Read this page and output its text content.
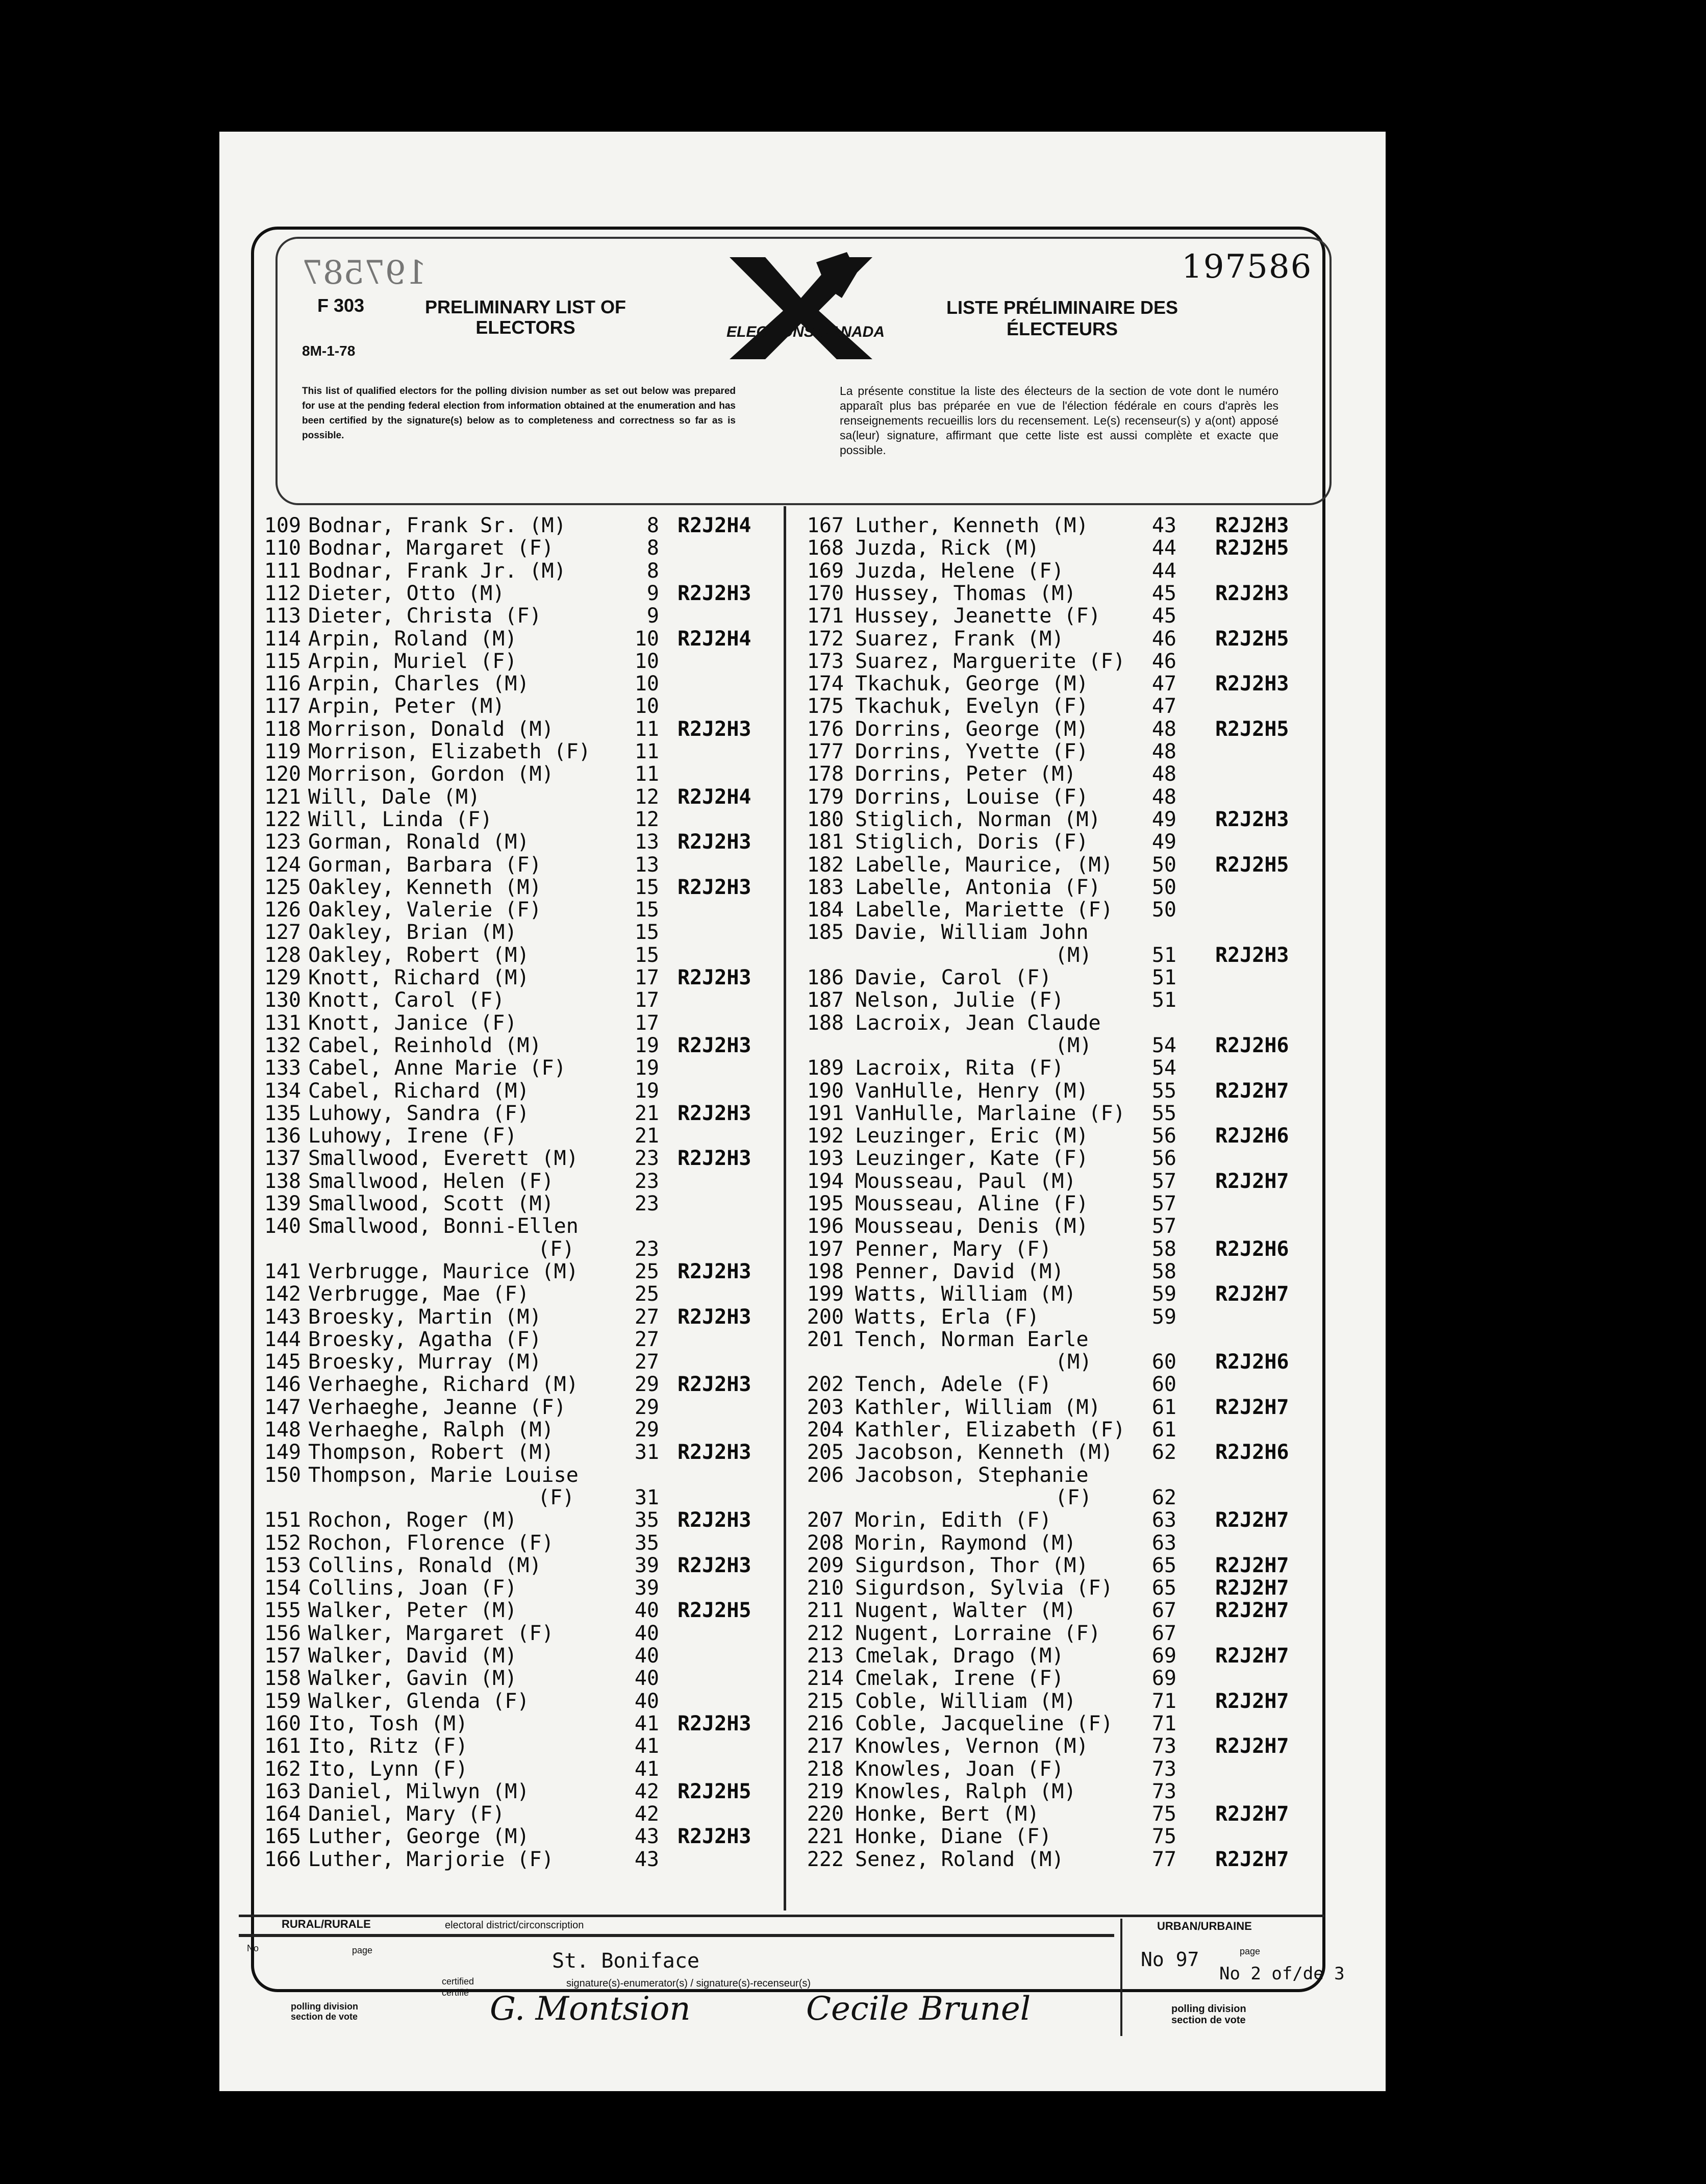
197587	197586
F 303
8M-1-78
PRELIMINARY LIST OF ELECTORS
LISTE PRÉLIMINAIRE DES ÉLECTEURS
ELECTIONS CANADA
This list of qualified electors for the polling division number as set out below was prepared for use at the pending federal election from information obtained at the enumeration and has been certified by the signature(s) below as to completeness and correctness so far as is possible.
La présente constitue la liste des électeurs de la section de vote dont le numéro apparaît plus bas préparée en vue de l'élection fédérale en cours d'après les renseignements recueillis lors du recensement. Le(s) recenseur(s) y a(ont) apposé sa(leur) signature, affirmant que cette liste est aussi complète et exacte que possible.
109 Bodnar, Frank Sr. (M)	8 R2J2H4
110 Bodnar, Margaret (F)	8
111 Bodnar, Frank Jr. (M)	8
112 Dieter, Otto (M)	9 R2J2H3
113 Dieter, Christa (F)	9
114 Arpin, Roland (M)	10 R2J2H4
115 Arpin, Muriel (F)	10
116 Arpin, Charles (M)	10
117 Arpin, Peter (M)	10
118 Morrison, Donald (M)	11 R2J2H3
119 Morrison, Elizabeth (F)	11
120 Morrison, Gordon (M)	11
121 Will, Dale (M)	12 R2J2H4
122 Will, Linda (F)	12
123 Gorman, Ronald (M)	13 R2J2H3
124 Gorman, Barbara (F)	13
125 Oakley, Kenneth (M)	15 R2J2H3
126 Oakley, Valerie (F)	15
127 Oakley, Brian (M)	15
128 Oakley, Robert (M)	15
129 Knott, Richard (M)	17 R2J2H3
130 Knott, Carol (F)	17
131 Knott, Janice (F)	17
132 Cabel, Reinhold (M)	19 R2J2H3
133 Cabel, Anne Marie (F)	19
134 Cabel, Richard (M)	19
135 Luhowy, Sandra (F)	21 R2J2H3
136 Luhowy, Irene (F)	21
137 Smallwood, Everett (M)	23 R2J2H3
138 Smallwood, Helen (F)	23
139 Smallwood, Scott (M)	23
140 Smallwood, Bonni-Ellen
(F)	23
141 Verbrugge, Maurice (M)	25 R2J2H3
142 Verbrugge, Mae (F)	25
143 Broesky, Martin (M)	27 R2J2H3
144 Broesky, Agatha (F)	27
145 Broesky, Murray (M)	27
146 Verhaeghe, Richard (M)	29 R2J2H3
147 Verhaeghe, Jeanne (F)	29
148 Verhaeghe, Ralph (M)	29
149 Thompson, Robert (M)	31 R2J2H3
150 Thompson, Marie Louise
(F)	31
151 Rochon, Roger (M)	35 R2J2H3
152 Rochon, Florence (F)	35
153 Collins, Ronald (M)	39 R2J2H3
154 Collins, Joan (F)	39
155 Walker, Peter (M)	40 R2J2H5
156 Walker, Margaret (F)	40
157 Walker, David (M)	40
158 Walker, Gavin (M)	40
159 Walker, Glenda (F)	40
160 Ito, Tosh (M)	41 R2J2H3
161 Ito, Ritz (F)	41
162 Ito, Lynn (F)	41
163 Daniel, Milwyn (M)	42 R2J2H5
164 Daniel, Mary (F)	42
165 Luther, George (M)	43 R2J2H3
166 Luther, Marjorie (F)	43
167 Luther, Kenneth (M)	43 R2J2H3
168 Juzda, Rick (M)	44 R2J2H5
169 Juzda, Helene (F)	44
170 Hussey, Thomas (M)	45 R2J2H3
171 Hussey, Jeanette (F)	45
172 Suarez, Frank (M)	46 R2J2H5
173 Suarez, Marguerite (F)	46
174 Tkachuk, George (M)	47 R2J2H3
175 Tkachuk, Evelyn (F)	47
176 Dorrins, George (M)	48 R2J2H5
177 Dorrins, Yvette (F)	48
178 Dorrins, Peter (M)	48
179 Dorrins, Louise (F)	48
180 Stiglich, Norman (M)	49 R2J2H3
181 Stiglich, Doris (F)	49
182 Labelle, Maurice, (M)	50 R2J2H5
183 Labelle, Antonia (F)	50
184 Labelle, Mariette (F)	50
185 Davie, William John
(M)	51 R2J2H3
186 Davie, Carol (F)	51
187 Nelson, Julie (F)	51
188 Lacroix, Jean Claude
(M)	54 R2J2H6
189 Lacroix, Rita (F)	54
190 VanHulle, Henry (M)	55 R2J2H7
191 VanHulle, Marlaine (F)	55
192 Leuzinger, Eric (M)	56 R2J2H6
193 Leuzinger, Kate (F)	56
194 Mousseau, Paul (M)	57 R2J2H7
195 Mousseau, Aline (F)	57
196 Mousseau, Denis (M)	57
197 Penner, Mary (F)	58 R2J2H6
198 Penner, David (M)	58
199 Watts, William (M)	59 R2J2H7
200 Watts, Erla (F)	59
201 Tench, Norman Earle
(M)	60 R2J2H6
202 Tench, Adele (F)	60
203 Kathler, William (M)	61 R2J2H7
204 Kathler, Elizabeth (F)	61
205 Jacobson, Kenneth (M)	62 R2J2H6
206 Jacobson, Stephanie
(F)	62
207 Morin, Edith (F)	63 R2J2H7
208 Morin, Raymond (M)	63
209 Sigurdson, Thor (M)	65 R2J2H7
210 Sigurdson, Sylvia (F)	65 R2J2H7
211 Nugent, Walter (M)	67 R2J2H7
212 Nugent, Lorraine (F)	67
213 Cmelak, Drago (M)	69 R2J2H7
214 Cmelak, Irene (F)	69
215 Coble, William (M)	71 R2J2H7
216 Coble, Jacqueline (F)	71
217 Knowles, Vernon (M)	73 R2J2H7
218 Knowles, Joan (F)	73
219 Knowles, Ralph (M)	73
220 Honke, Bert (M)	75 R2J2H7
221 Honke, Diane (F)	75
222 Senez, Roland (M)	77 R2J2H7
RURAL/RURALE	electoral district/circonscription
St. Boniface
No	page
certified certifié
signature(s)-enumerator(s) / signature(s)-recenseur(s)
polling division section de vote
URBAN/URBAINE
No 97	page
No 2 of/de 3
polling division section de vote
G. Montsion	Cecile Brunel
